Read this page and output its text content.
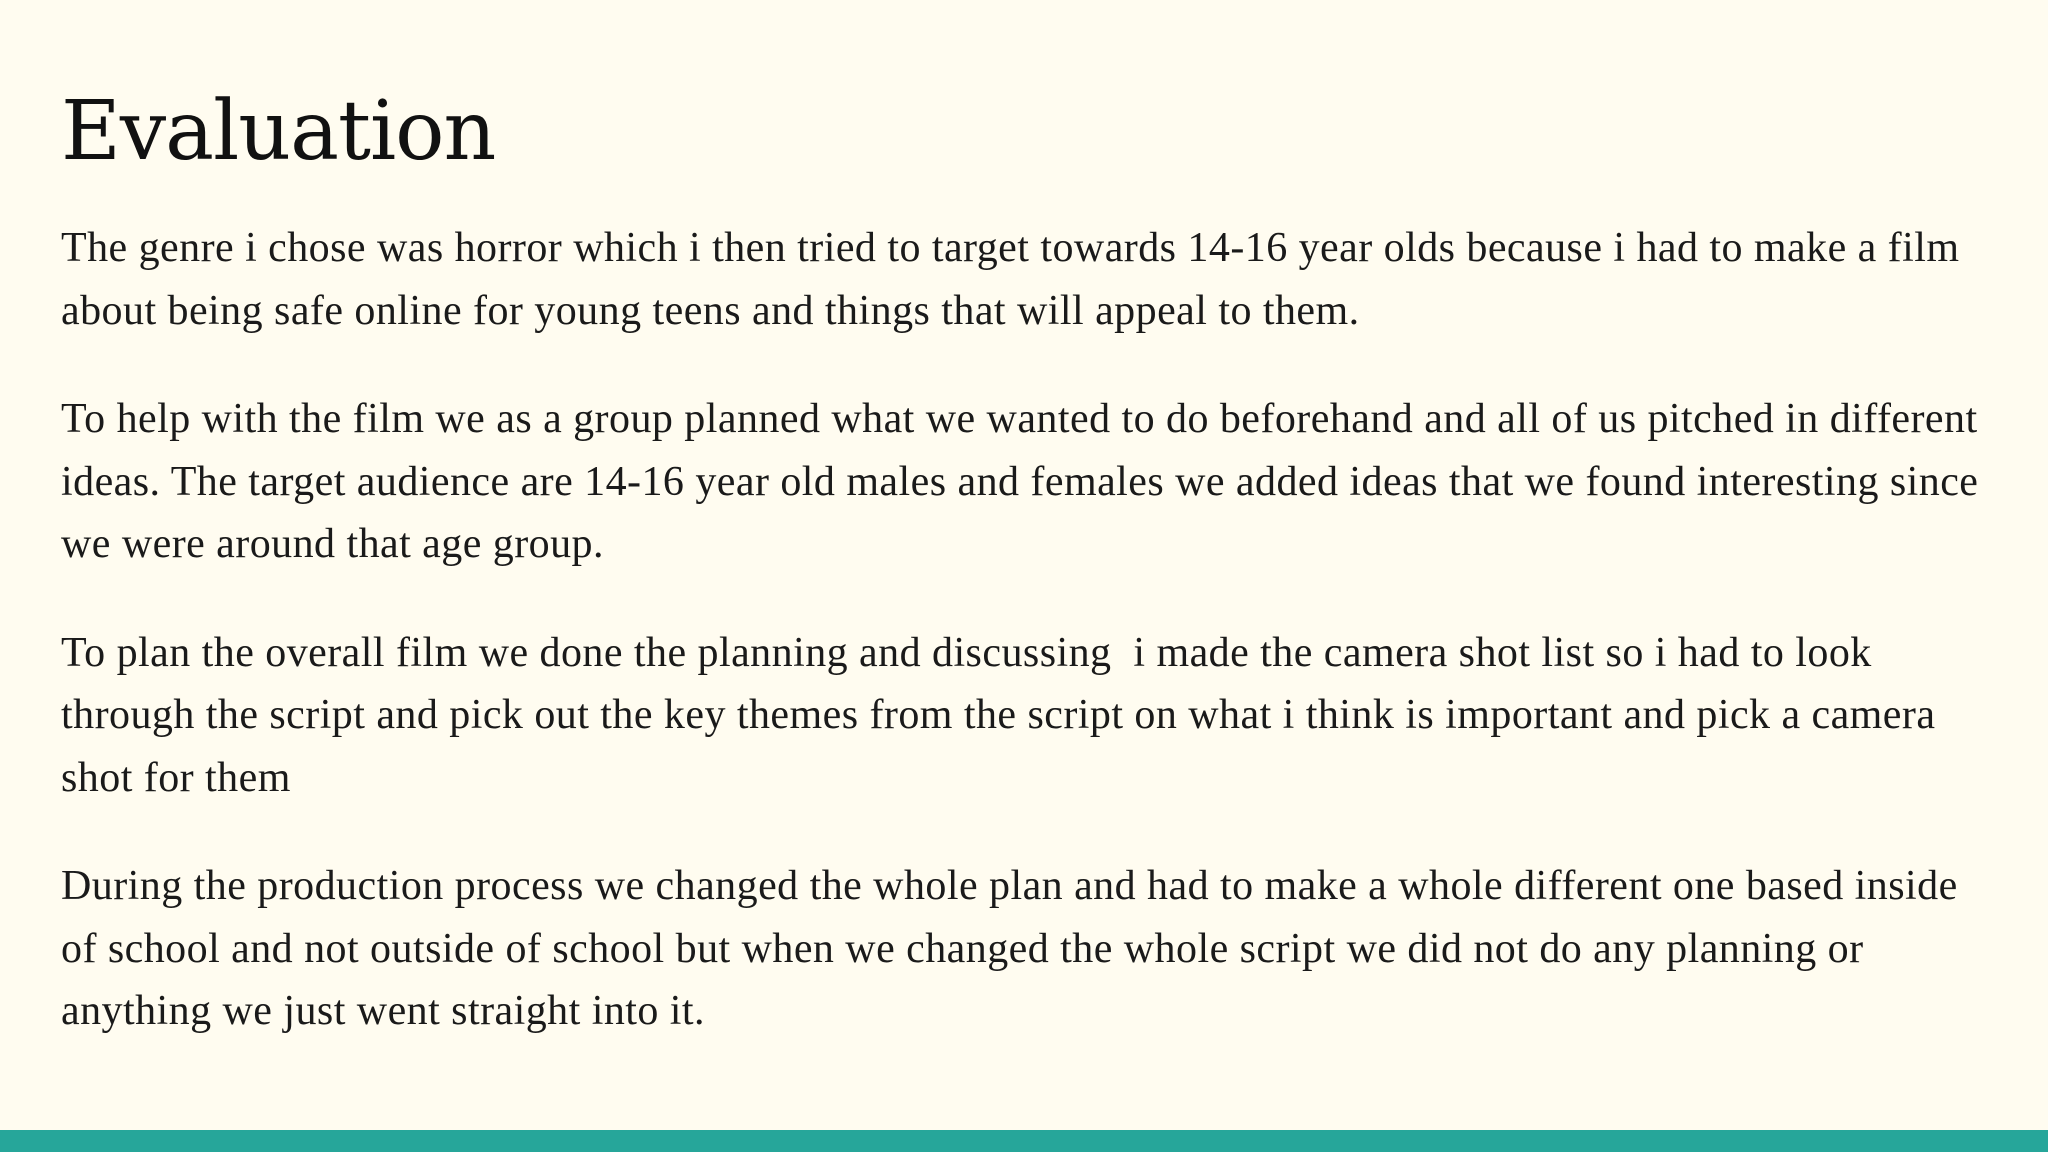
Evaluation

The genre i chose was horror which i then tried to target towards 14-16 year olds because i had to make a film about being safe online for young teens and things that will appeal to them.

To help with the film we as a group planned what we wanted to do beforehand and all of us pitched in different ideas. The target audience are 14-16 year old males and females we added ideas that we found interesting since we were around that age group.

To plan the overall film we done the planning and discussing  i made the camera shot list so i had to look through the script and pick out the key themes from the script on what i think is important and pick a camera shot for them

During the production process we changed the whole plan and had to make a whole different one based inside of school and not outside of school but when we changed the whole script we did not do any planning or anything we just went straight into it.
